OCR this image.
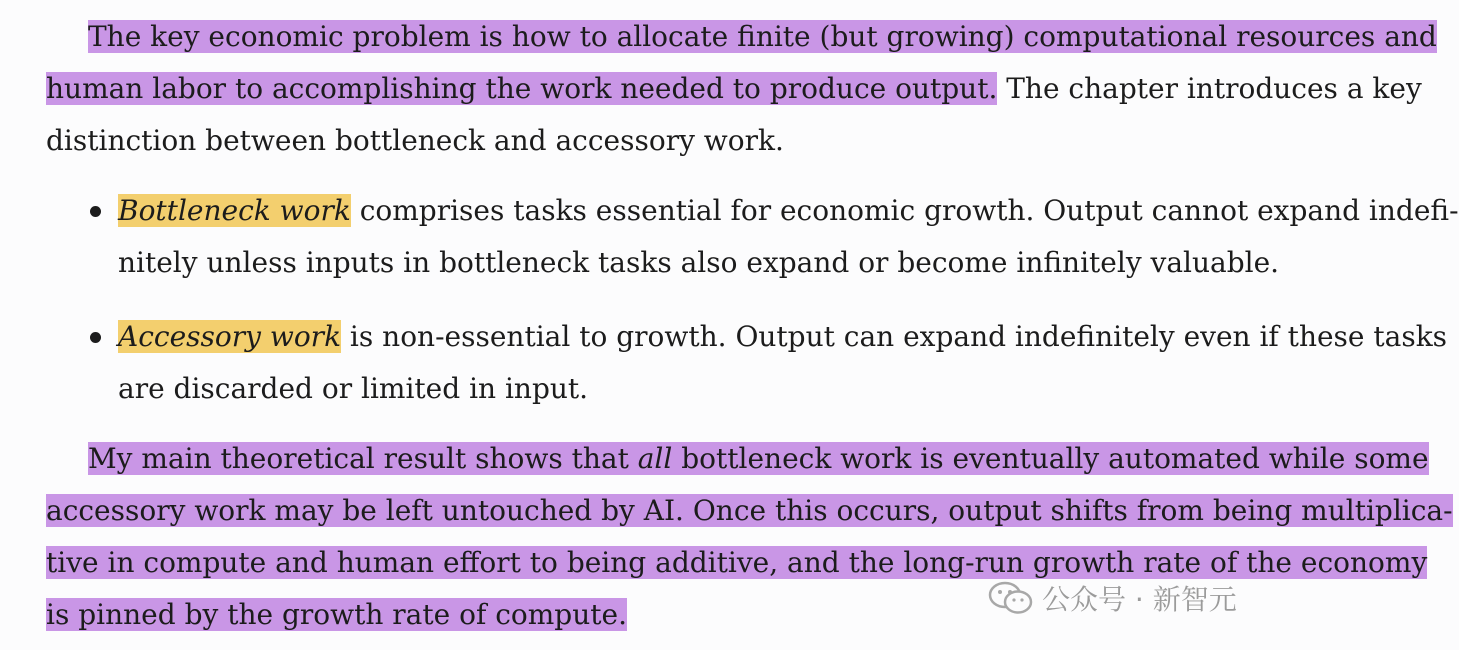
The key economic problem is how to allocate finite (but growing) computational resources and
human labor to accomplishing the work needed to produce output. The chapter introduces a key
distinction between bottleneck and accessory work.
Bottleneck work comprises tasks essential for economic growth. Output cannot expand indefi-
nitely unless inputs in bottleneck tasks also expand or become infinitely valuable.
Accessory work is non-essential to growth. Output can expand indefinitely even if these tasks
are discarded or limited in input.
My main theoretical result shows that all bottleneck work is eventually automated while some
accessory work may be left untouched by AI. Once this occurs, output shifts from being multiplica-
tive in compute and human effort to being additive, and the long-run growth rate of the economy
is pinned by the growth rate of compute.	公众号 · 新智元
